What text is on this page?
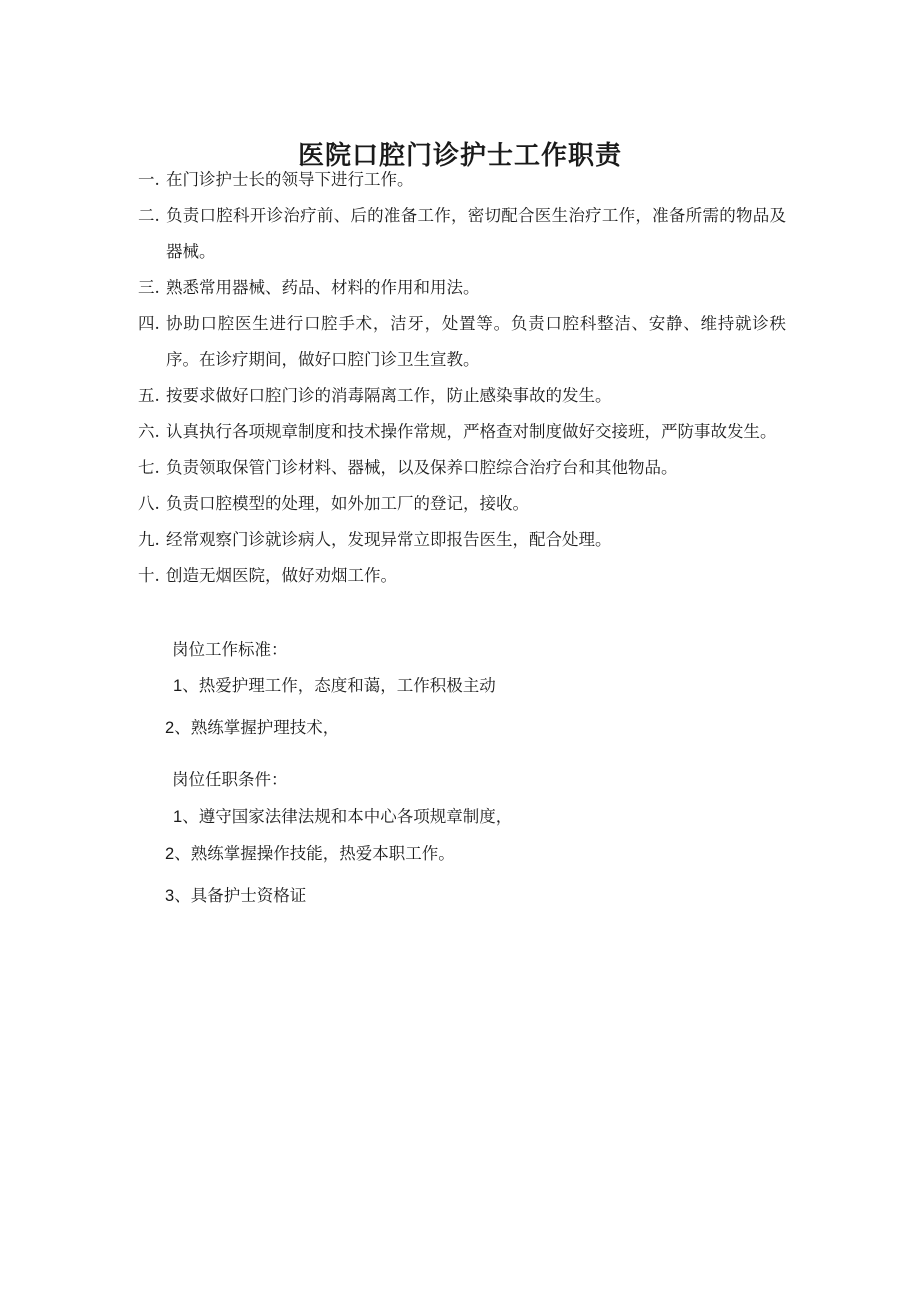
医院口腔门诊护士工作职责
一. 在门诊护士长的领导下进行工作。
二. 负责口腔科开诊治疗前、后的准备工作，密切配合医生治疗工作，准备所需的物品及器械。
三. 熟悉常用器械、药品、材料的作用和用法。
四. 协助口腔医生进行口腔手术，洁牙，处置等。负责口腔科整洁、安静、维持就诊秩序。在诊疗期间，做好口腔门诊卫生宣教。
五. 按要求做好口腔门诊的消毒隔离工作，防止感染事故的发生。
六. 认真执行各项规章制度和技术操作常规，严格查对制度做好交接班，严防事故发生。
七. 负责领取保管门诊材料、器械，以及保养口腔综合治疗台和其他物品。
八. 负责口腔模型的处理，如外加工厂的登记，接收。
九. 经常观察门诊就诊病人，发现异常立即报告医生，配合处理。
十. 创造无烟医院，做好劝烟工作。

岗位工作标准：

1、热爱护理工作，态度和蔼，工作积极主动

2、熟练掌握护理技术，

岗位任职条件：

1、遵守国家法律法规和本中心各项规章制度，

2、熟练掌握操作技能，热爱本职工作。

3、具备护士资格证
